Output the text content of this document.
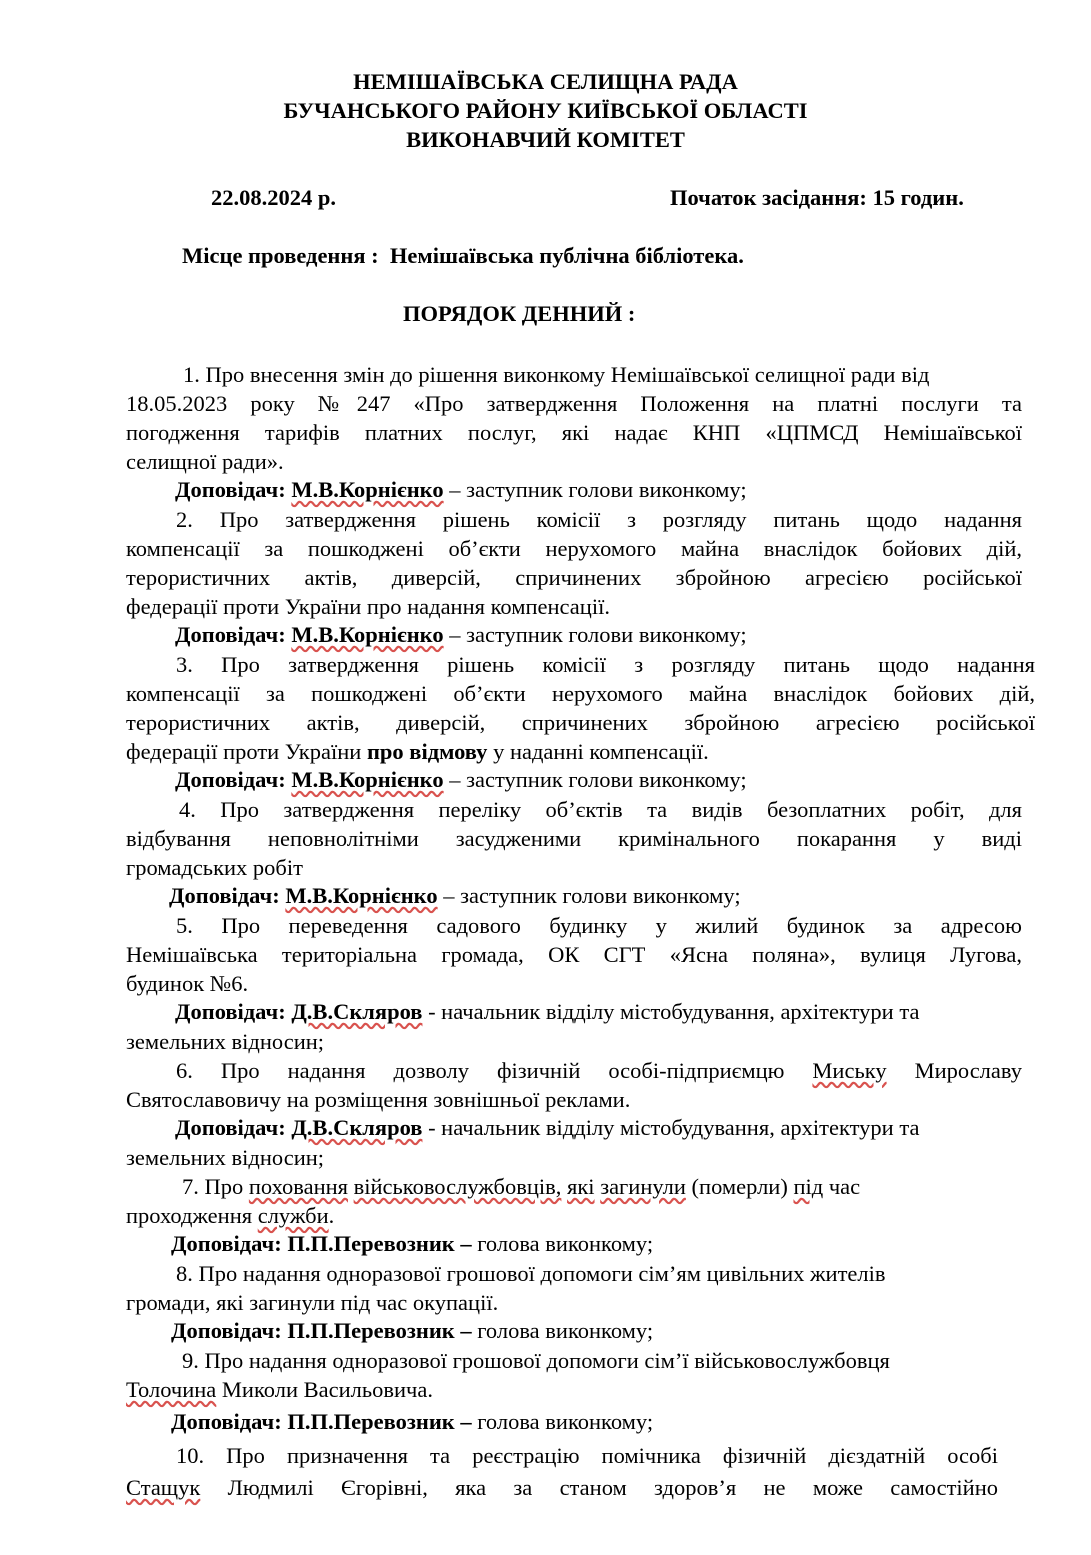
НЕМІШАЇВСЬКА СЕЛИЩНА РАДА
БУЧАНСЬКОГО РАЙОНУ КИЇВСЬКОЇ ОБЛАСТІ
ВИКОНАВЧИЙ КОМІТЕТ
22.08.2024 р.	Початок засідання: 15 годин.
Місце проведення : Немішаївська публічна бібліотека.
ПОРЯДОК ДЕННИЙ :
1. Про внесення змін до рішення виконкому Немішаївської селищної ради від
18.05.2023 року №247 «Про затвердження Положення на платні послуги та
погодження тарифів платних послуг, які надає КНП «ЦПМСД Немішаївської
селищної ради».
Доповідач: М.В.Корнієнко – заступник голови виконкому;
2. Про затвердження рішень комісії з розгляду питань щодо надання
компенсації за пошкоджені об’єкти нерухомого майна внаслідок бойових дій,
терористичних актів, диверсій, спричинених збройною агресією російської
федерації проти України про надання компенсації.
Доповідач: М.В.Корнієнко – заступник голови виконкому;
3. Про затвердження рішень комісії з розгляду питань щодо надання
компенсації за пошкоджені об’єкти нерухомого майна внаслідок бойових дій,
терористичних актів, диверсій, спричинених збройною агресією російської
федерації проти України про відмову у наданні компенсації.
Доповідач: М.В.Корнієнко – заступник голови виконкому;
4. Про затвердження переліку об’єктів та видів безоплатних робіт, для
відбування неповнолітніми засудженими кримінального покарання у виді
громадських робіт
Доповідач: М.В.Корнієнко – заступник голови виконкому;
5. Про переведення садового будинку у жилий будинок за адресою
Немішаївська територіальна громада, ОК СГТ «Ясна поляна», вулиця Лугова,
будинок №6.
Доповідач: Д.В.Скляров - начальник відділу містобудування, архітектури та
земельних відносин;
6. Про надання дозволу фізичній особі-підприємцю Миську Мирославу
Святославовичу на розміщення зовнішньої реклами.
Доповідач: Д.В.Скляров - начальник відділу містобудування, архітектури та
земельних відносин;
7. Про поховання військовослужбовців, які загинули (померли) під час
проходження служби.
Доповідач: П.П.Перевозник – голова виконкому;
8. Про надання одноразової грошової допомоги сім’ям цивільних жителів
громади, які загинули під час окупації.
Доповідач: П.П.Перевозник – голова виконкому;
9. Про надання одноразової грошової допомоги сім’ї військовослужбовця
Толочина Миколи Васильовича.
Доповідач: П.П.Перевозник – голова виконкому;
10. Про призначення та реєстрацію помічника фізичній дієздатній особі
Стащук Людмилі Єгорівні, яка за станом здоров’я не може самостійно
